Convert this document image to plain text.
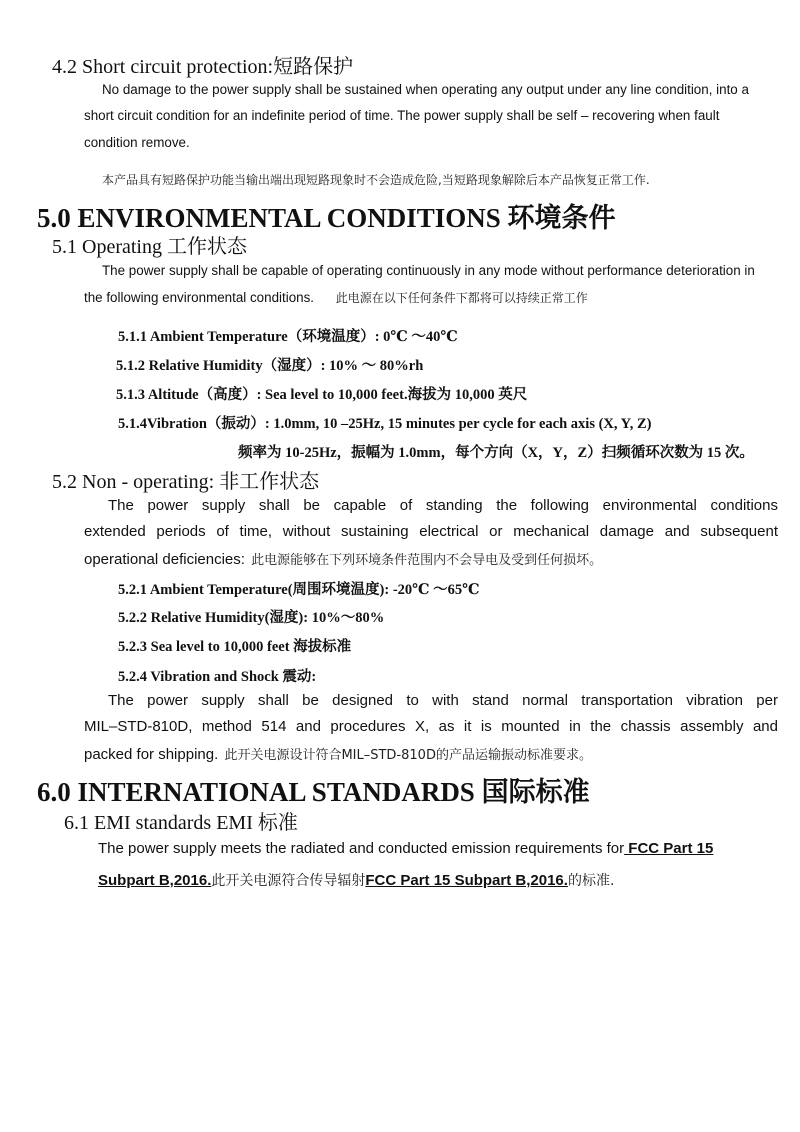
4.2 Short circuit protection:短路保护
No damage to the power supply shall be sustained when operating any output under any line condition, into a
short circuit condition for an indefinite period of time. The power supply shall be self – recovering when fault
condition remove.
本产品具有短路保护功能当输出端出现短路现象时不会造成危险,当短路现象解除后本产品恢复正常工作.
5.0 ENVIRONMENTAL CONDITIONS 环境条件
5.1 Operating 工作状态
The power supply shall be capable of operating continuously in any mode without performance deterioration in
the following environmental conditions. 此电源在以下任何条件下都将可以持续正常工作
5.1.1 Ambient Temperature（环境温度）: 0℃ ～40℃
5.1.2 Relative Humidity（湿度）: 10% ～ 80%rh
5.1.3 Altitude（高度）: Sea level to 10,000 feet.海拔为 10,000 英尺
5.1.4Vibration（振动）: 1.0mm, 10 –25Hz, 15 minutes per cycle for each axis (X, Y, Z)
频率为 10-25Hz，振幅为 1.0mm，每个方向（X，Y，Z）扫频循环次数为 15 次。
5.2 Non - operating: 非工作状态
The power supply shall be capable of standing the following environmental conditions
extended periods of time, without sustaining electrical or mechanical damage and subsequent
operational deficiencies: 此电源能够在下列环境条件范围内不会导电及受到任何损坏。
5.2.1 Ambient Temperature(周围环境温度): -20℃ ～65℃
5.2.2 Relative Humidity(湿度): 10%～80%
5.2.3 Sea level to 10,000 feet 海拔标准
5.2.4 Vibration and Shock 震动:
The power supply shall be designed to with stand normal transportation vibration per
MIL–STD-810D, method 514 and procedures X, as it is mounted in the chassis assembly and
packed for shipping. 此开关电源设计符合MIL–STD-810D的产品运输振动标准要求。
6.0 INTERNATIONAL STANDARDS 国际标准
6.1 EMI standards EMI 标准
The power supply meets the radiated and conducted emission requirements for FCC Part 15
Subpart B,2016.此开关电源符合传导辐射FCC Part 15 Subpart B,2016.的标准.
